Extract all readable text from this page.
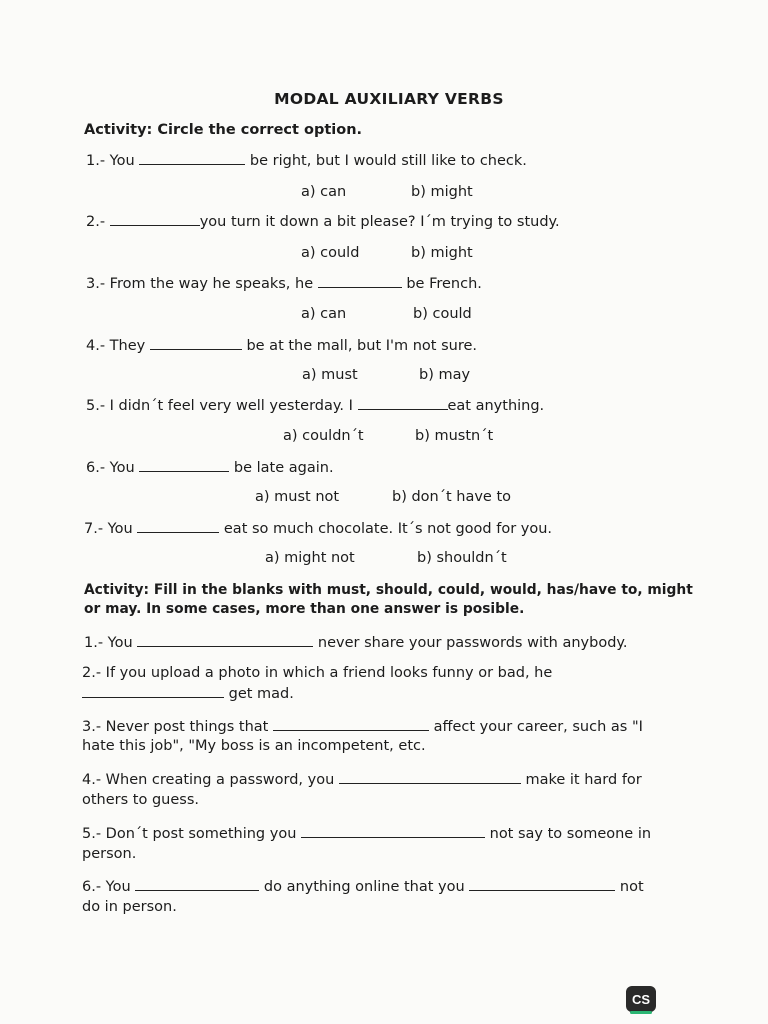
MODAL AUXILIARY VERBS
Activity: Circle the correct option.
1.- You	be right, but I would still like to check.
a) can	b) might
2.-	you turn it down a bit please? I´m trying to study.
a) could	b) might
3.- From the way he speaks, he	be French.
a) can	b) could
4.- They	be at the mall, but I'm not sure.
a) must	b) may
5.- I didn´t feel very well yesterday. I	eat anything.
a) couldn´t	b) mustn´t
6.- You	be late again.
a) must not	b) don´t have to
7.- You	eat so much chocolate. It´s not good for you.
a) might not	b) shouldn´t
Activity: Fill in the blanks with must, should, could, would, has/have to, might
or may. In some cases, more than one answer is posible.
1.- You	never share your passwords with anybody.
2.- If you upload a photo in which a friend looks funny or bad, he
get mad.
3.- Never post things that	affect your career, such as "I
hate this job", "My boss is an incompetent, etc.
4.- When creating a password, you	make it hard for
others to guess.
5.- Don´t post something you	not say to someone in
person.
6.- You	do anything online that you	not
do in person.
CS
